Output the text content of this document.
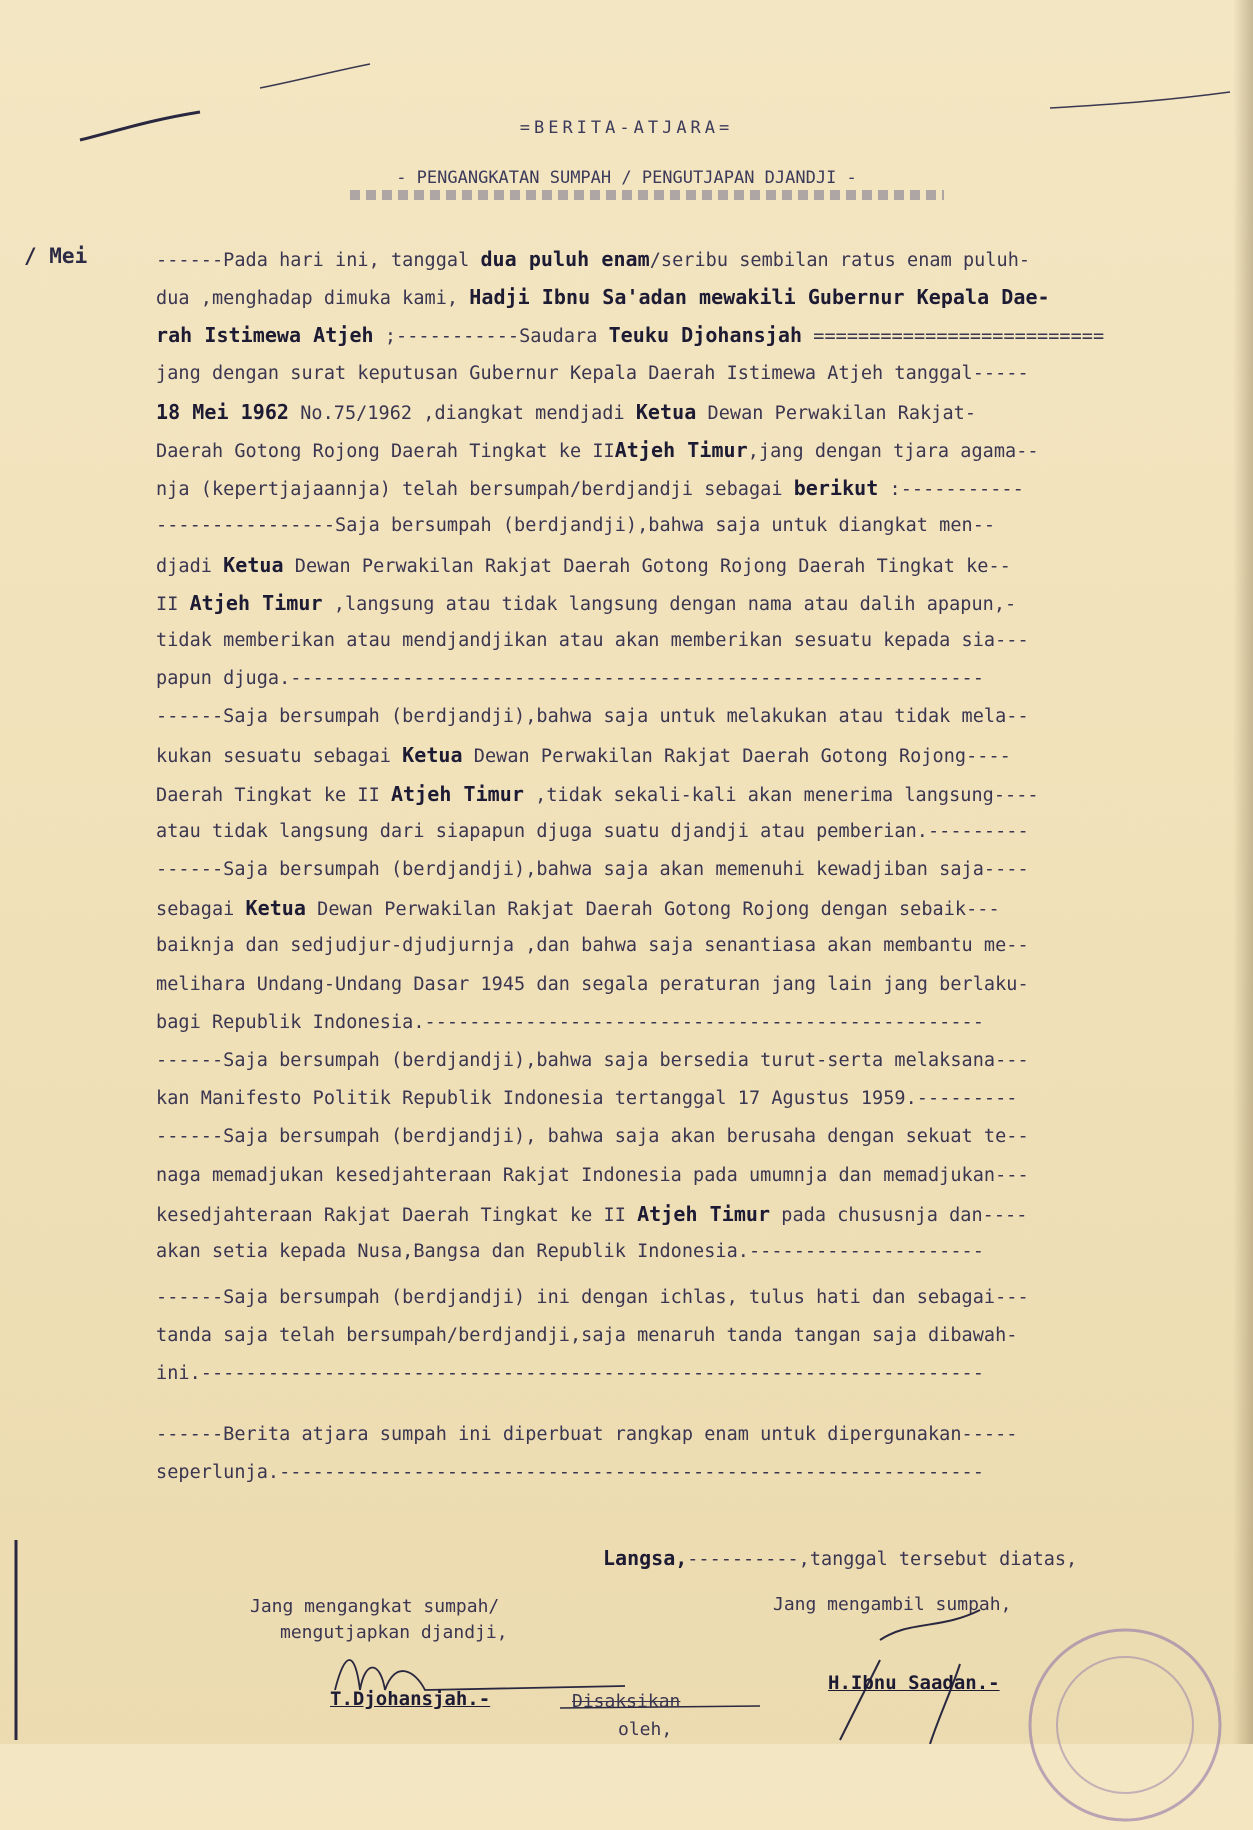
=BERITA-ATJARA=
- PENGANGKATAN SUMPAH / PENGUTJAPAN DJANDJI -
/ Mei	------Pada hari ini, tanggal dua puluh enam/seribu sembilan ratus enam puluh-
dua ,menghadap dimuka kami, Hadji Ibnu Sa'adan mewakili Gubernur Kepala Dae-
rah Istimewa Atjeh ;-----------Saudara Teuku Djohansjah ==========================
jang dengan surat keputusan Gubernur Kepala Daerah Istimewa Atjeh tanggal-----
18 Mei 1962 No.75/1962 ,diangkat mendjadi Ketua Dewan Perwakilan Rakjat-
Daerah Gotong Rojong Daerah Tingkat ke IIAtjeh Timur,jang dengan tjara agama--
nja (kepertjajaannja) telah bersumpah/berdjandji sebagai berikut :-----------
----------------Saja bersumpah (berdjandji),bahwa saja untuk diangkat men--
djadi Ketua Dewan Perwakilan Rakjat Daerah Gotong Rojong Daerah Tingkat ke--
II Atjeh Timur ,langsung atau tidak langsung dengan nama atau dalih apapun,-
tidak memberikan atau mendjandjikan atau akan memberikan sesuatu kepada sia---
papun djuga.--------------------------------------------------------------
------Saja bersumpah (berdjandji),bahwa saja untuk melakukan atau tidak mela--
kukan sesuatu sebagai Ketua Dewan Perwakilan Rakjat Daerah Gotong Rojong----
Daerah Tingkat ke II Atjeh Timur ,tidak sekali-kali akan menerima langsung----
atau tidak langsung dari siapapun djuga suatu djandji atau pemberian.---------
------Saja bersumpah (berdjandji),bahwa saja akan memenuhi kewadjiban saja----
sebagai Ketua Dewan Perwakilan Rakjat Daerah Gotong Rojong dengan sebaik---
baiknja dan sedjudjur-djudjurnja ,dan bahwa saja senantiasa akan membantu me--
melihara Undang-Undang Dasar 1945 dan segala peraturan jang lain jang berlaku-
bagi Republik Indonesia.--------------------------------------------------
------Saja bersumpah (berdjandji),bahwa saja bersedia turut-serta melaksana---
kan Manifesto Politik Republik Indonesia tertanggal 17 Agustus 1959.---------
------Saja bersumpah (berdjandji), bahwa saja akan berusaha dengan sekuat te--
naga memadjukan kesedjahteraan Rakjat Indonesia pada umumnja dan memadjukan---
kesedjahteraan Rakjat Daerah Tingkat ke II Atjeh Timur pada chususnja dan----
akan setia kepada Nusa,Bangsa dan Republik Indonesia.---------------------
------Saja bersumpah (berdjandji) ini dengan ichlas, tulus hati dan sebagai---
tanda saja telah bersumpah/berdjandji,saja menaruh tanda tangan saja dibawah-
ini.----------------------------------------------------------------------
------Berita atjara sumpah ini diperbuat rangkap enam untuk dipergunakan-----
seperlunja.---------------------------------------------------------------
Langsa,----------,tanggal tersebut diatas,
Jang mengangkat sumpah/
mengutjapkan djandji,
Jang mengambil sumpah,
T.Djohansjah.-	Disaksikan
oleh,
H.Ibnu Saadan.-
